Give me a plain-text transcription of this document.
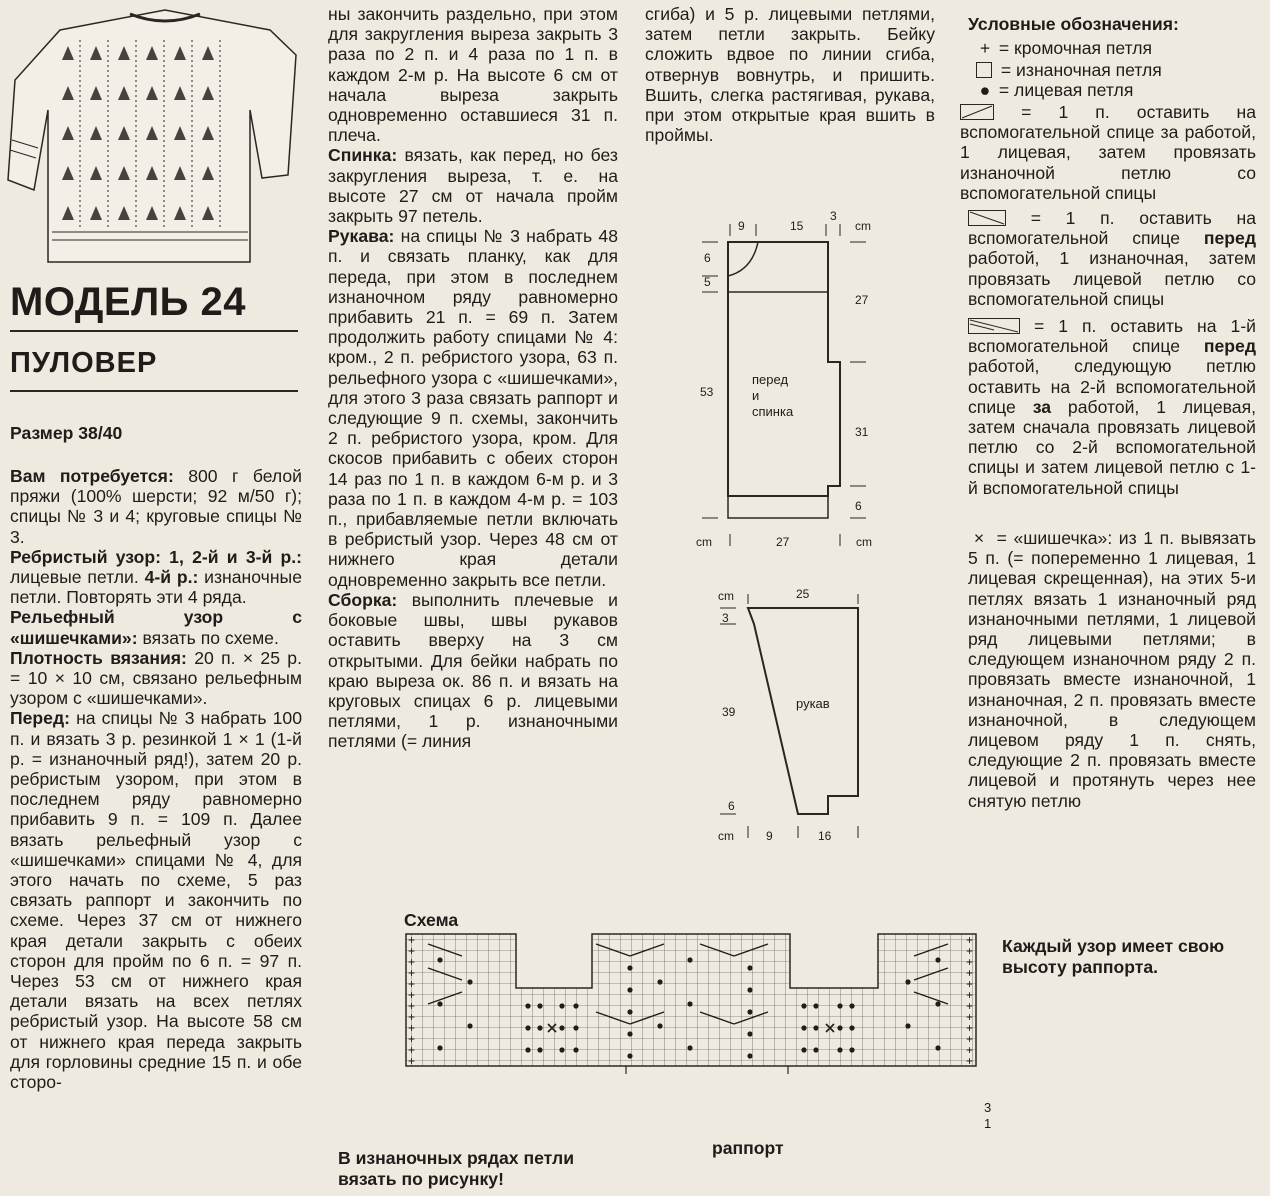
МОДЕЛЬ 24
ПУЛОВЕР
Размер 38/40

Вам потребуется: 800 г белой пряжи (100% шерсти; 92 м/50 г); спицы № 3 и 4; круговые спицы № 3.

Ребристый узор: 1, 2-й и 3-й р.: лицевые петли. 4-й р.: изнаночные петли. Повторять эти 4 ряда.

Рельефный узор с «шишечками»: вязать по схеме.

Плотность вязания: 20 п. × 25 р. = 10 × 10 см, связано рельефным узором с «шишечками».

Перед: на спицы № 3 набрать 100 п. и вязать 3 р. резинкой 1 × 1 (1-й р. = изнаночный ряд!), затем 20 р. ребристым узором, при этом в последнем ряду равномерно прибавить 9 п. = 109 п. Далее вязать рельефный узор с «шишечками» спицами № 4, для этого начать по схеме, 5 раз связать раппорт и закончить по схеме. Через 37 см от нижнего края детали закрыть с обеих сторон для пройм по 6 п. = 97 п. Через 53 см от нижнего края детали вязать на всех петлях ребристый узор. На высоте 58 см от нижнего края переда закрыть для горловины средние 15 п. и обе сторо-

ны закончить раздельно, при этом для закругления выреза закрыть 3 раза по 2 п. и 4 раза по 1 п. в каждом 2-м р. На высоте 6 см от начала выреза закрыть одновременно оставшиеся 31 п. плеча.

Спинка: вязать, как перед, но без закругления выреза, т. е. на высоте 27 см от начала пройм закрыть 97 петель.

Рукава: на спицы № 3 набрать 48 п. и связать планку, как для переда, при этом в последнем изнаночном ряду равномерно прибавить 21 п. = 69 п. Затем продолжить работу спицами № 4: кром., 2 п. ребристого узора, 63 п. рельефного узора с «шишечками», для этого 3 раза связать раппорт и следующие 9 п. схемы, закончить 2 п. ребристого узора, кром. Для скосов прибавить с обеих сторон 14 раз по 1 п. в каждом 6-м р. и 3 раза по 1 п. в каждом 4-м р. = 103 п., прибавляемые петли включать в ребристый узор. Через 48 см от нижнего края детали одновременно закрыть все петли.

Сборка: выполнить плечевые и боковые швы, швы рукавов оставить вверху на 3 см открытыми. Для бейки набрать по краю выреза ок. 86 п. и вязать на круговых спицах 6 р. лицевыми петлями, 1 р. изнаночными петлями (= линия

сгиба) и 5 р. лицевыми петлями, затем петли закрыть. Бейку сложить вдвое по линии сгиба, отвернув вовнутрь, и пришить. Вшить, слегка растягивая, рукава, при этом открытые края вшить в проймы.
cm
9	15
3
6
5
53
27
31
6
перед
и
спинка
cm	27	cm
cm	25
3
39
6
рукав
cm	9	16
Условные обозначения:
+ = кромочная петля
= изнаночная петля
● = лицевая петля
= 1 п. оставить на вспомогательной спице за работой, 1 лицевая, затем провязать изнаночной петлю со вспомогательной спицы
= 1 п. оставить на вспомогательной спице перед работой, 1 изнаночная, затем провязать лицевой петлю со вспомогательной спицы
= 1 п. оставить на 1-й вспомогательной спице перед работой, следующую петлю оставить на 2-й вспомогательной спице за работой, 1 лицевая, затем сначала провязать лицевой петлю со 2-й вспомогательной спицы и затем лицевой петлю с 1-й вспомогательной спицы
× = «шишечка»: из 1 п. вывязать 5 п. (= попеременно 1 лицевая, 1 лицевая скрещенная), на этих 5-и петлях вязать 1 изнаночный ряд изнаночными петлями, 1 лицевой ряд лицевыми петлями; в следующем изнаночном ряду 2 п. провязать вместе изнаночной, 1 изнаночная, 2 п. провязать вместе изнаночной, в следующем лицевом ряду 1 п. снять, следующие 2 п. провязать вместе лицевой и протянуть через нее снятую петлю
Каждый узор имеет свою высоту раппорта.
Схема
+
+
+
+
+
+
+
+
+
+
+
+
+
+
+
+
+
+
+
+
+
+
+
+
раппорт
3
1
В изнаночных рядах петли вязать по рисунку!
